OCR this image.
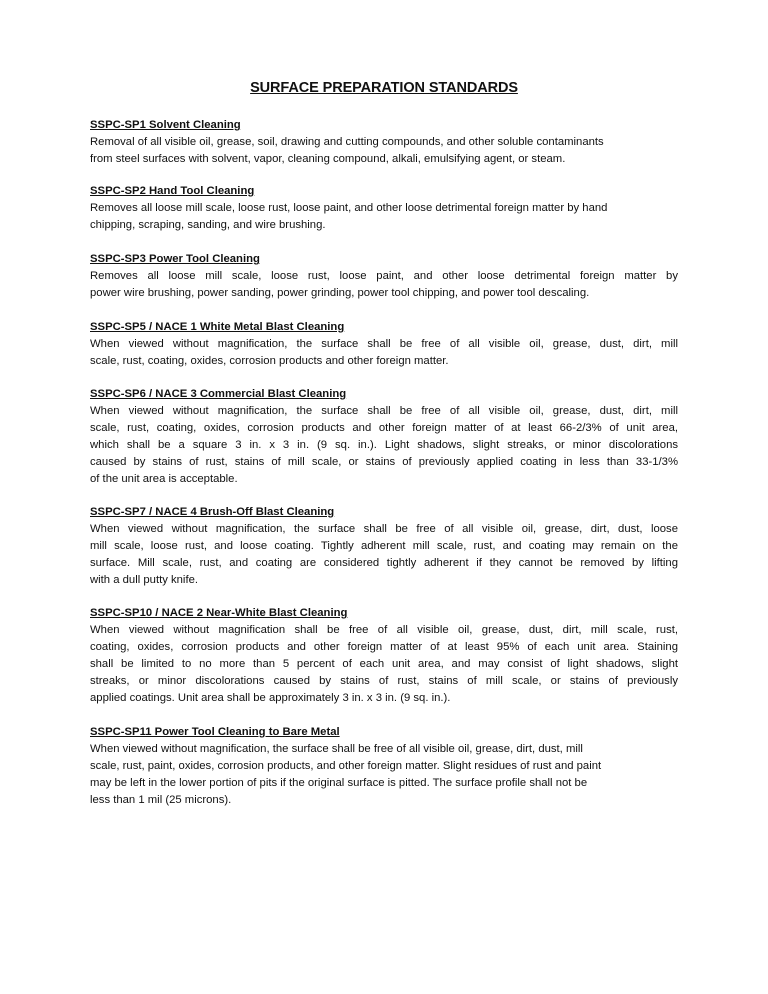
SURFACE PREPARATION STANDARDS
SSPC-SP1 Solvent Cleaning
Removal of all visible oil, grease, soil, drawing and cutting compounds, and other soluble contaminants
from steel surfaces with solvent, vapor, cleaning compound, alkali, emulsifying agent, or steam.
SSPC-SP2 Hand Tool Cleaning
Removes all loose mill scale, loose rust, loose paint, and other loose detrimental foreign matter by hand
chipping, scraping, sanding, and wire brushing.
SSPC-SP3 Power Tool Cleaning
Removes all loose mill scale, loose rust, loose paint, and other loose detrimental foreign matter by
power wire brushing, power sanding, power grinding, power tool chipping, and power tool descaling.
SSPC-SP5 / NACE 1 White Metal Blast Cleaning
When viewed without magnification, the surface shall be free of all visible oil, grease, dust, dirt, mill
scale, rust, coating, oxides, corrosion products and other foreign matter.
SSPC-SP6 / NACE 3 Commercial Blast Cleaning
When viewed without magnification, the surface shall be free of all visible oil, grease, dust, dirt, mill
scale, rust, coating, oxides, corrosion products and other foreign matter of at least 66-2/3% of unit area,
which shall be a square 3 in. x 3 in. (9 sq. in.). Light shadows, slight streaks, or minor discolorations
caused by stains of rust, stains of mill scale, or stains of previously applied coating in less than 33-1/3%
of the unit area is acceptable.
SSPC-SP7 / NACE 4 Brush-Off Blast Cleaning
When viewed without magnification, the surface shall be free of all visible oil, grease, dirt, dust, loose
mill scale, loose rust, and loose coating. Tightly adherent mill scale, rust, and coating may remain on the
surface. Mill scale, rust, and coating are considered tightly adherent if they cannot be removed by lifting
with a dull putty knife.
SSPC-SP10 / NACE 2 Near-White Blast Cleaning
When viewed without magnification shall be free of all visible oil, grease, dust, dirt, mill scale, rust,
coating, oxides, corrosion products and other foreign matter of at least 95% of each unit area. Staining
shall be limited to no more than 5 percent of each unit area, and may consist of light shadows, slight
streaks, or minor discolorations caused by stains of rust, stains of mill scale, or stains of previously
applied coatings. Unit area shall be approximately 3 in. x 3 in. (9 sq. in.).
SSPC-SP11 Power Tool Cleaning to Bare Metal
When viewed without magnification, the surface shall be free of all visible oil, grease, dirt, dust, mill
scale, rust, paint, oxides, corrosion products, and other foreign matter. Slight residues of rust and paint
may be left in the lower portion of pits if the original surface is pitted. The surface profile shall not be
less than 1 mil (25 microns).
